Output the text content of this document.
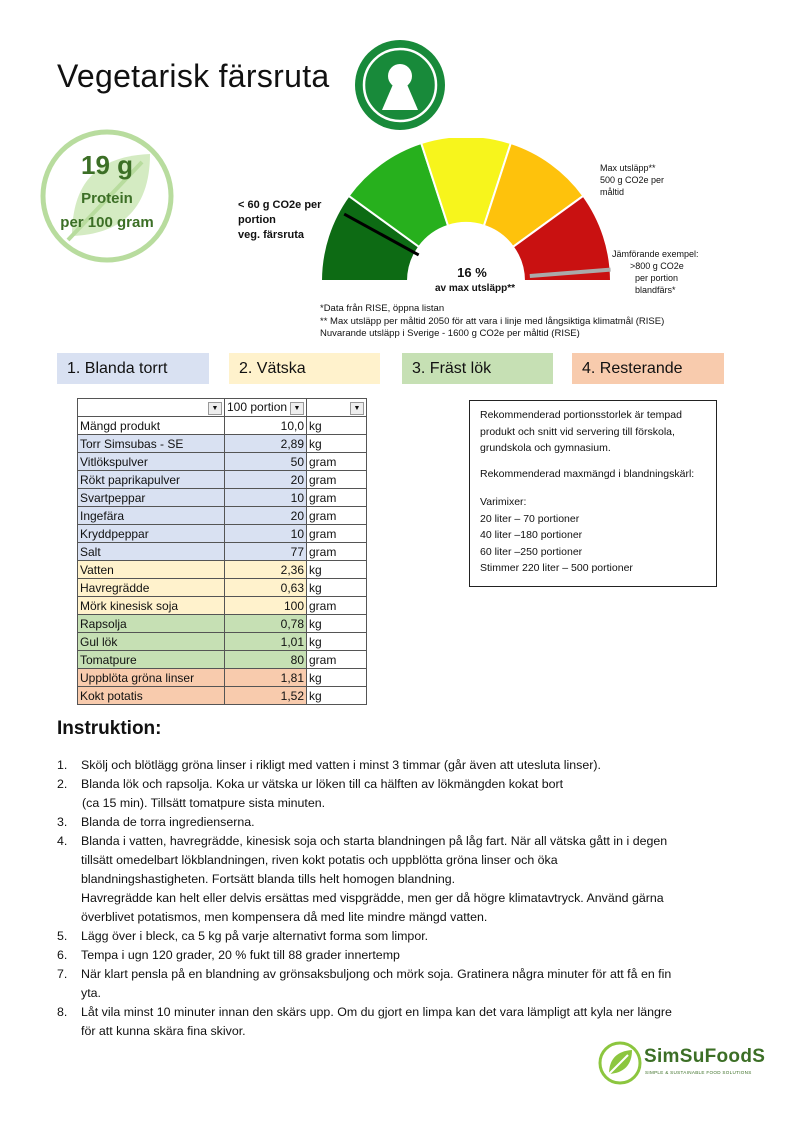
Vegetarisk färsruta
19 g
Protein
per 100 gram
16 %
av max utsläpp**
< 60 g CO2e per
portion
veg. färsruta
Max utsläpp**
500 g CO2e per
måltid
Jämförande exempel:
>800 g CO2e
per portion
blandfärs*
*Data från RISE, öppna listan
** Max utsläpp per måltid 2050 för att vara i linje med långsiktiga klimatmål (RISE)
Nuvarande utsläpp i Sverige - 1600 g CO2e per måltid (RISE)
1. Blanda torrt	2. Vätska	3. Fräst lök	4. Resterande
▼	100 portion ▼	▼

Mängd produkt	10,0	kg
Torr Simsubas - SE	2,89	kg
Vitlökspulver	50	gram
Rökt paprikapulver	20	gram
Svartpeppar	10	gram
Ingefära	20	gram
Kryddpeppar	10	gram
Salt	77	gram
Vatten	2,36	kg
Havregrädde	0,63	kg
Mörk kinesisk soja	100	gram
Rapsolja	0,78	kg
Gul lök	1,01	kg
Tomatpure	80	gram
Uppblöta gröna linser	1,81	kg
Kokt potatis	1,52	kg

Rekommenderad portionsstorlek är tempad produkt och snitt vid servering till förskola, grundskola och gymnasium.

Rekommenderad maxmängd i blandningskärl:

Varimixer:
20 liter – 70 portioner
40 liter –180 portioner
60 liter –250 portioner
Stimmer 220 liter – 500 portioner
Instruktion:
1. Skölj och blötlägg gröna linser i rikligt med vatten i minst 3 timmar (går även att utesluta linser).
2. Blanda lök och rapsolja. Koka ur vätska ur löken till ca hälften av lökmängden kokat bort
(ca 15 min). Tillsätt tomatpure sista minuten.
3. Blanda de torra ingredienserna.
4. Blanda i vatten, havregrädde, kinesisk soja och starta blandningen på låg fart. När all vätska gått in i degen
tillsätt omedelbart lökblandningen, riven kokt potatis och uppblötta gröna linser och öka
blandningshastigheten. Fortsätt blanda tills helt homogen blandning.
Havregrädde kan helt eller delvis ersättas med vispgrädde, men ger då högre klimatavtryck. Använd gärna
överblivet potatismos, men kompensera då med lite mindre mängd vatten.
5. Lägg över i bleck, ca 5 kg på varje alternativt forma som limpor.
6. Tempa i ugn 120 grader, 20 % fukt till 88 grader innertemp
7. När klart pensla på en blandning av grönsaksbuljong och mörk soja. Gratinera några minuter för att få en fin
yta.
8. Låt vila minst 10 minuter innan den skärs upp. Om du gjort en limpa kan det vara lämpligt att kyla ner längre
för att kunna skära fina skivor.
SimSuFoodS
SIMPLE & SUSTAINABLE FOOD SOLUTIONS
